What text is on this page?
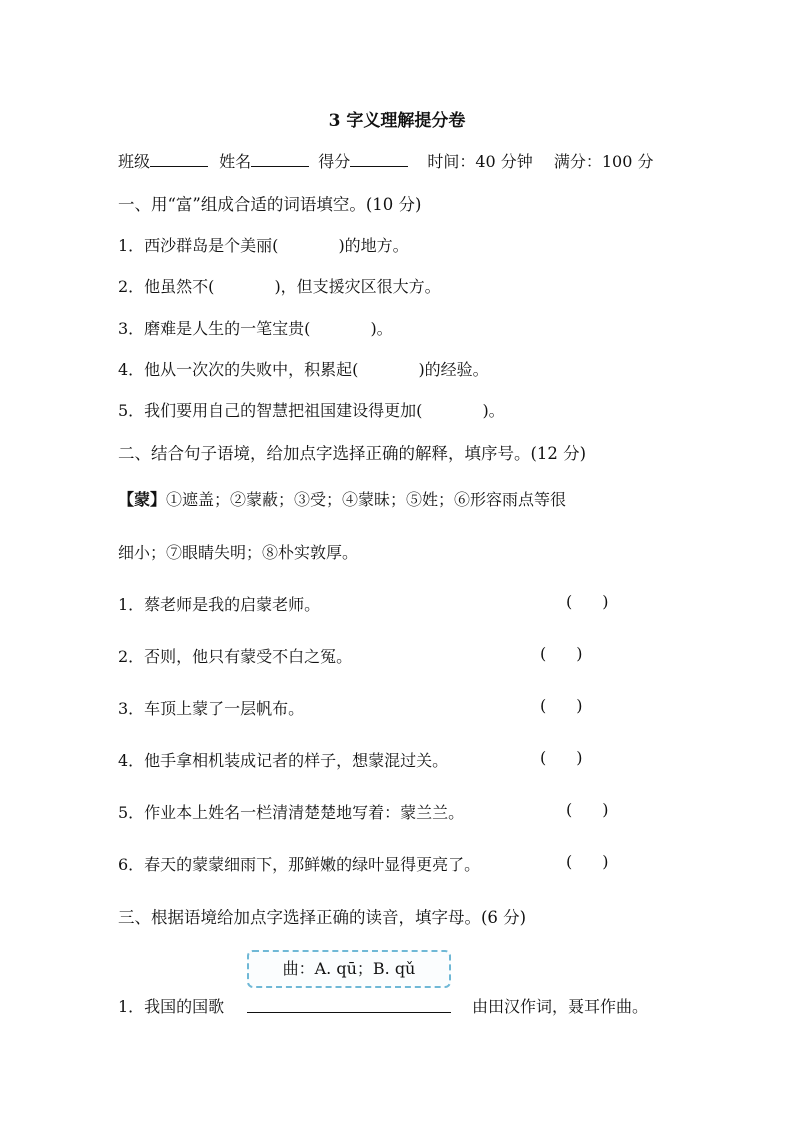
3 字义理解提分卷
班级	姓名	得分	时间：40 分钟 满分：100 分
一、用“富”组成合适的词语填空。(10 分)
1．西沙群岛是个美丽(	)的地方。
2．他虽然不(	)，但支援灾区很大方。
3．磨难是人生的一笔宝贵(	)。
4．他从一次次的失败中，积累起(	)的经验。
5．我们要用自己的智慧把祖国建设得更加(	)。
二、结合句子语境，给加点字选择正确的解释，填序号。(12 分)
【蒙】①遮盖；②蒙蔽；③受；④蒙昧；⑤姓；⑥形容雨点等很
细小；⑦眼睛失明；⑧朴实敦厚。
1．蔡老师是我的启蒙老师。	( )
2．否则，他只有蒙受不白之冤。	( )
3．车顶上蒙了一层帆布。	( )
4．他手拿相机装成记者的样子，想蒙混过关。	( )
5．作业本上姓名一栏清清楚楚地写着：蒙兰兰。	( )
6．春天的蒙蒙细雨下，那鲜嫩的绿叶显得更亮了。	( )
三、根据语境给加点字选择正确的读音，填字母。(6 分)
曲：A. qū；B. qǔ
1．我国的国歌	由田汉作词，聂耳作曲。
